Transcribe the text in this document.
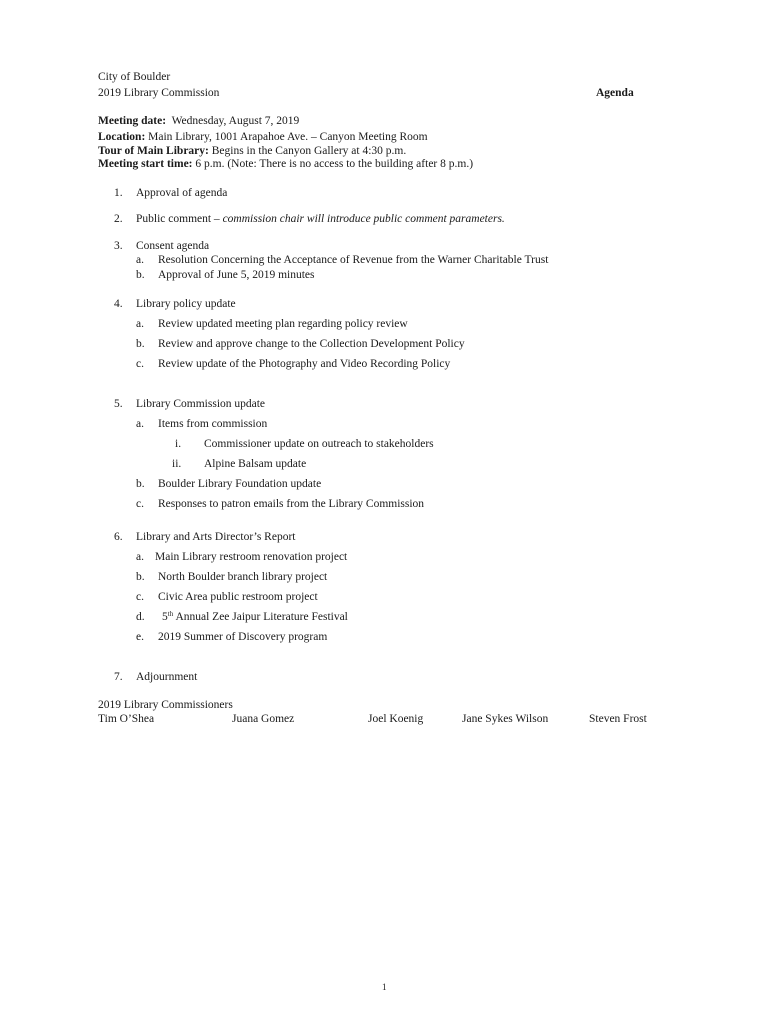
City of Boulder
2019 Library Commission	Agenda
Meeting date: Wednesday, August 7, 2019
Location: Main Library, 1001 Arapahoe Ave. – Canyon Meeting Room
Tour of Main Library: Begins in the Canyon Gallery at 4:30 p.m.
Meeting start time: 6 p.m. (Note: There is no access to the building after 8 p.m.)
1. Approval of agenda
2. Public comment – commission chair will introduce public comment parameters.
3. Consent agenda
a. Resolution Concerning the Acceptance of Revenue from the Warner Charitable Trust
b. Approval of June 5, 2019 minutes
4. Library policy update
a. Review updated meeting plan regarding policy review
b. Review and approve change to the Collection Development Policy
c. Review update of the Photography and Video Recording Policy
5. Library Commission update
a. Items from commission
i. Commissioner update on outreach to stakeholders
ii. Alpine Balsam update
b. Boulder Library Foundation update
c. Responses to patron emails from the Library Commission
6. Library and Arts Director’s Report
a. Main Library restroom renovation project
b. North Boulder branch library project
c. Civic Area public restroom project
d. 5th Annual Zee Jaipur Literature Festival
e. 2019 Summer of Discovery program
7. Adjournment
2019 Library Commissioners
Tim O’Shea	Juana Gomez	Joel Koenig	Jane Sykes Wilson	Steven Frost
1
